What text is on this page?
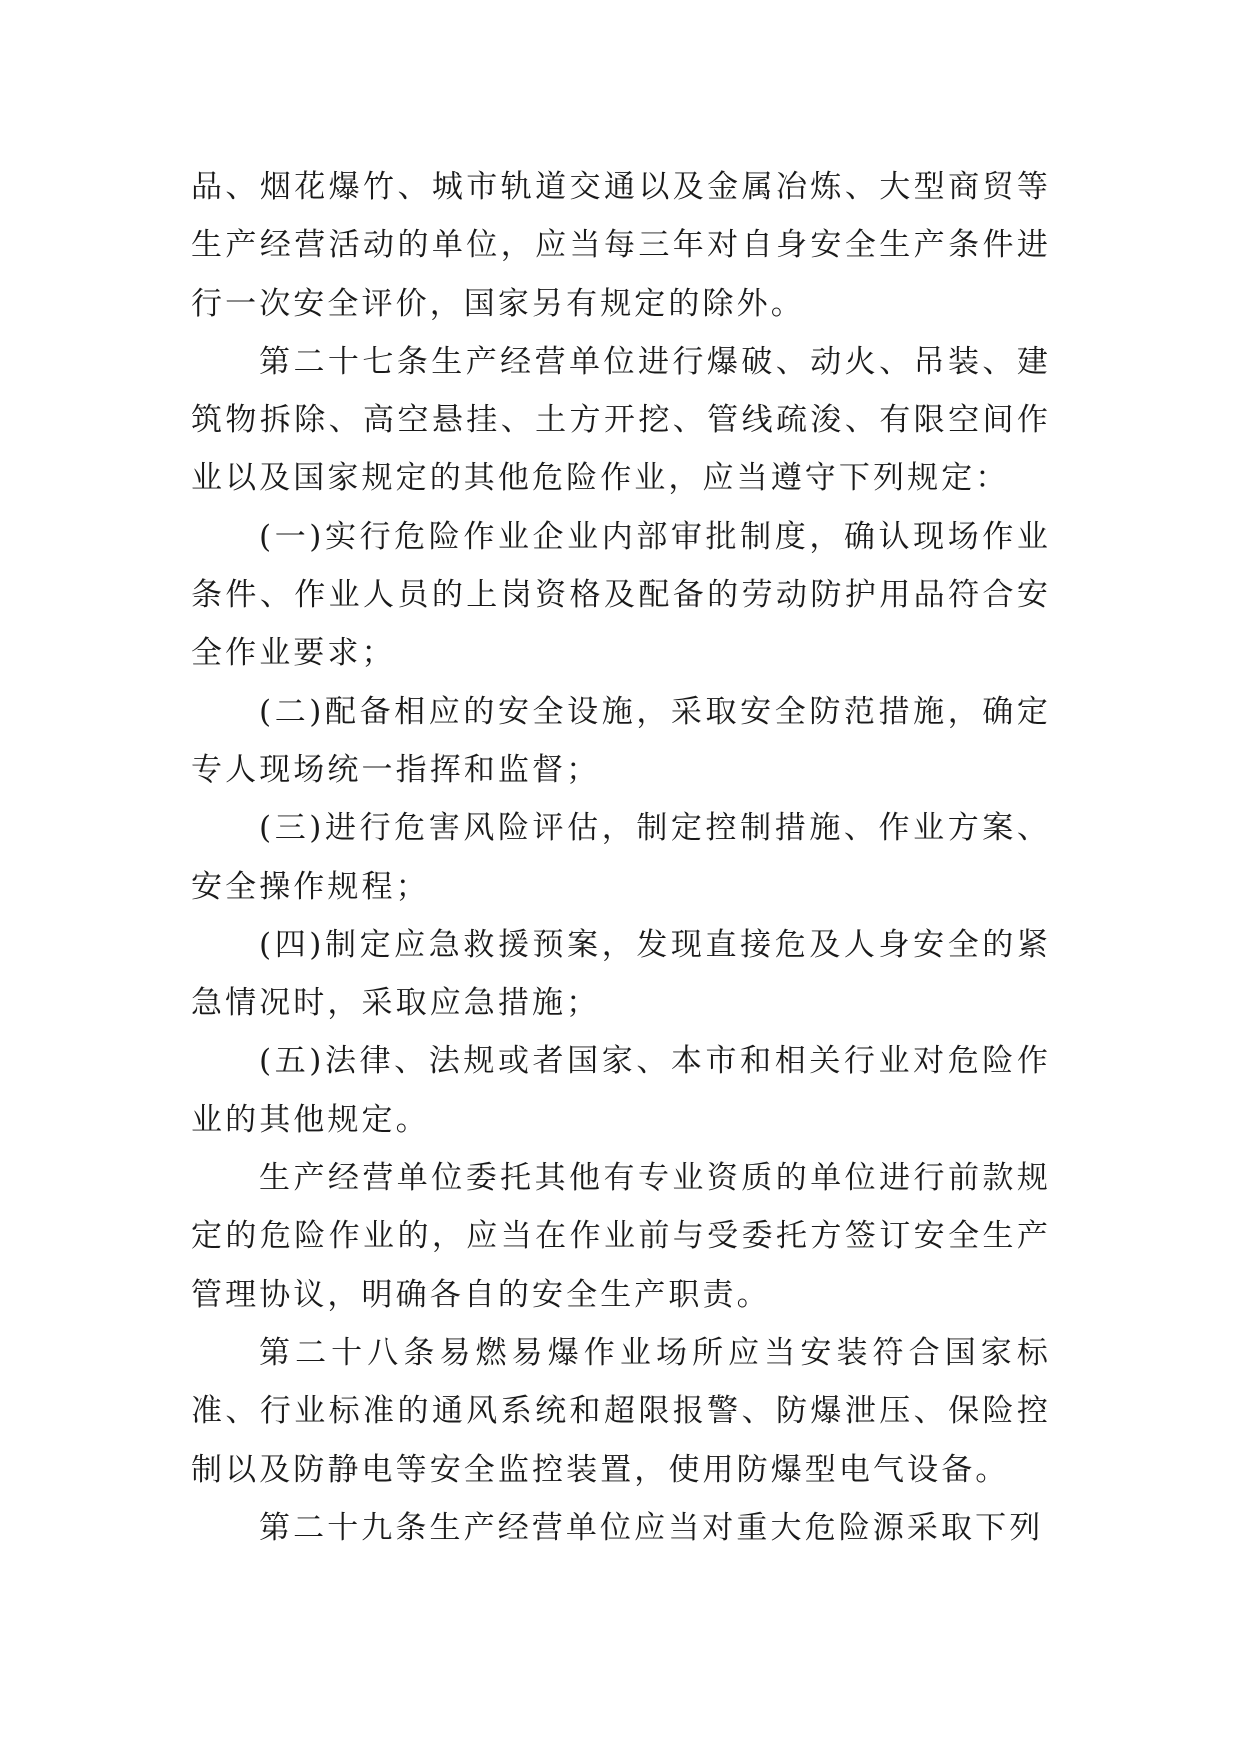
品、烟花爆竹、城市轨道交通以及金属冶炼、大型商贸等生产经营活动的单位，应当每三年对自身安全生产条件进行一次安全评价，国家另有规定的除外。

第二十七条生产经营单位进行爆破、动火、吊装、建筑物拆除、高空悬挂、土方开挖、管线疏浚、有限空间作业以及国家规定的其他危险作业，应当遵守下列规定：

(一)实行危险作业企业内部审批制度，确认现场作业条件、作业人员的上岗资格及配备的劳动防护用品符合安全作业要求；

(二)配备相应的安全设施，采取安全防范措施，确定专人现场统一指挥和监督；

(三)进行危害风险评估，制定控制措施、作业方案、安全操作规程；

(四)制定应急救援预案，发现直接危及人身安全的紧急情况时，采取应急措施；

(五)法律、法规或者国家、本市和相关行业对危险作业的其他规定。

生产经营单位委托其他有专业资质的单位进行前款规定的危险作业的，应当在作业前与受委托方签订安全生产管理协议，明确各自的安全生产职责。

第二十八条易燃易爆作业场所应当安装符合国家标准、行业标准的通风系统和超限报警、防爆泄压、保险控制以及防静电等安全监控装置，使用防爆型电气设备。

第二十九条生产经营单位应当对重大危险源采取下列
